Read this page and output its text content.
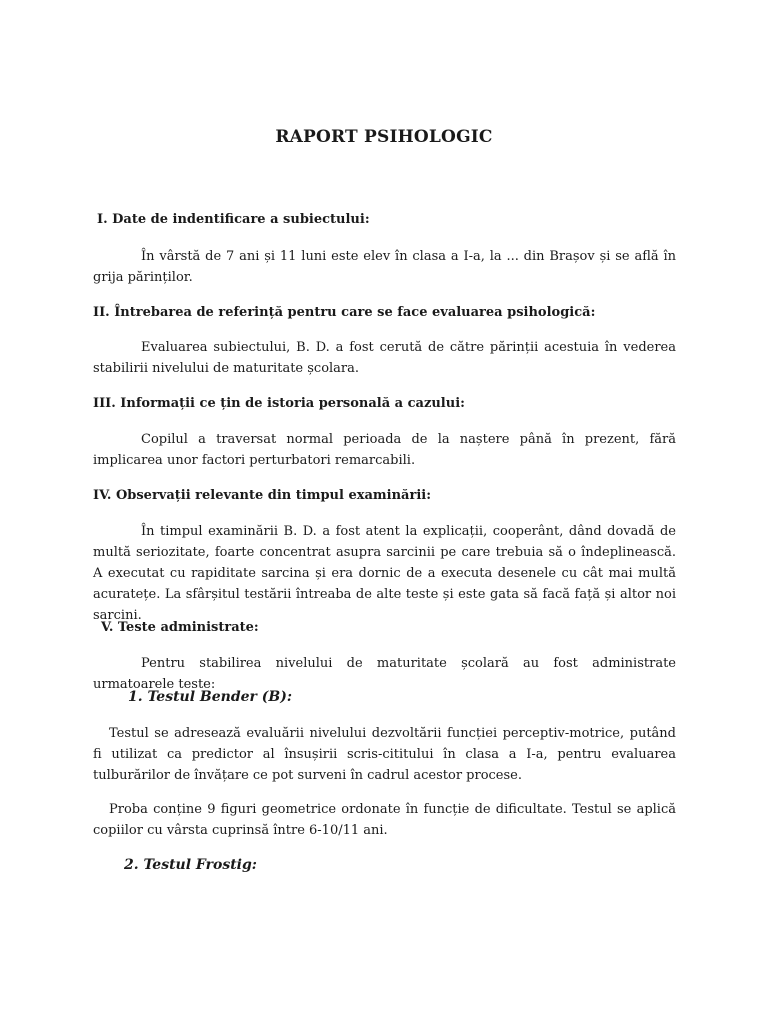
RAPORT PSIHOLOGIC
I. Date de indentificare a subiectului:
În vârstă de 7 ani și 11 luni este elev în clasa a I-a, la ... din Brașov și se află în grija părinților.
II. Întrebarea de referință pentru care se face evaluarea psihologică:
Evaluarea subiectului, B. D. a fost cerută de către părinții acestuia în vederea stabilirii nivelului de maturitate școlara.
III. Informații ce țin de istoria personală a cazului:
Copilul a traversat normal perioada de la naștere până în prezent, fără implicarea unor factori perturbatori remarcabili.
IV. Observații relevante din timpul examinării:
În timpul examinării B. D. a fost atent la explicații, cooperânt, dând dovadă de multă seriozitate, foarte concentrat asupra sarcinii pe care trebuia să o îndeplinească. A executat cu rapiditate sarcina și era dornic de a executa desenele cu cât mai multă acuratețe. La sfârșitul testării întreaba de alte teste și este gata să facă față și altor noi sarcini.
V. Teste administrate:
Pentru stabilirea nivelului de maturitate școlară au fost administrate urmatoarele teste:
1. Testul Bender (B):
Testul se adresează evaluării nivelului dezvoltării funcției perceptiv-motrice, putând fi utilizat ca predictor al însușirii scris-cititului în clasa a I-a, pentru evaluarea tulburărilor de învățare ce pot surveni în cadrul acestor procese.
Proba conține 9 figuri geometrice ordonate în funcție de dificultate. Testul se aplică copiilor cu vârsta cuprinsă între 6-10/11 ani.
2. Testul Frostig:
